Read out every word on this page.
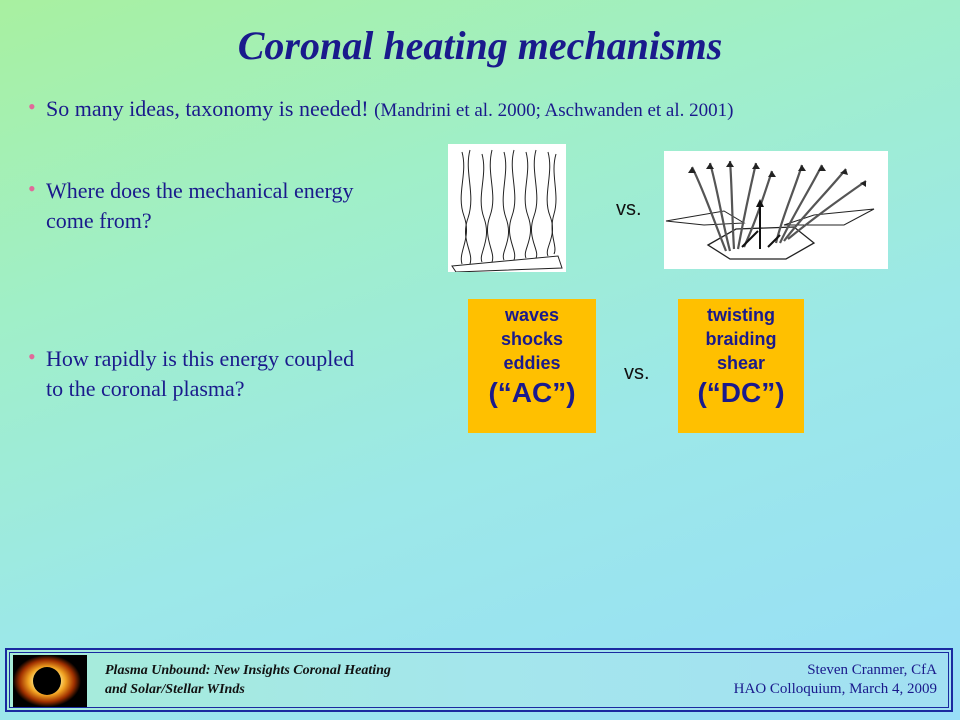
Coronal heating mechanisms
• So many ideas, taxonomy is needed! (Mandrini et al. 2000; Aschwanden et al. 2001)
• Where does the mechanical energy come from?
• How rapidly is this energy coupled to the coronal plasma?
vs.
vs.
waves
shocks
eddies
(“AC”)
twisting
braiding
shear
(“DC”)
Plasma Unbound: New Insights Coronal Heating
and Solar/Stellar WInds
Steven Cranmer, CfA
HAO Colloquium, March 4, 2009
